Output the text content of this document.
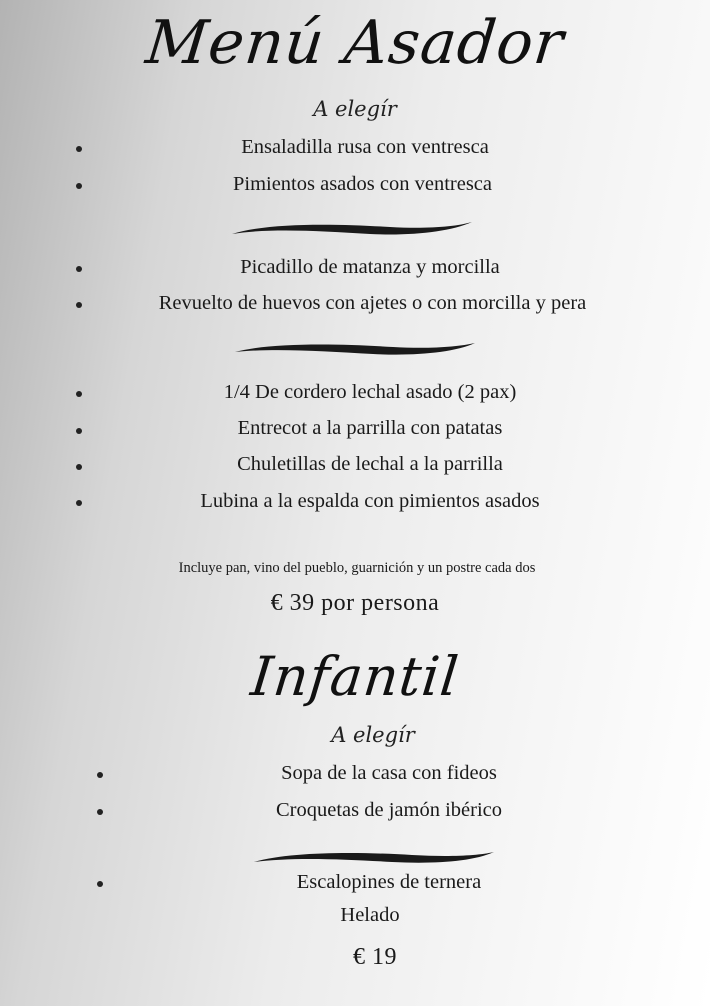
Menú Asador
A elegír
Ensaladilla rusa con ventresca
Pimientos asados con ventresca
Picadillo de matanza y morcilla
Revuelto de huevos con ajetes o con morcilla y pera
1/4 De cordero lechal asado (2 pax)
Entrecot a la parrilla con patatas
Chuletillas de lechal a la parrilla
Lubina a la espalda con pimientos asados
Incluye pan, vino del pueblo, guarnición y un postre cada dos
€ 39 por persona
Infantil
A elegír
Sopa de la casa con fideos
Croquetas de jamón ibérico
Escalopines de ternera
Helado
€ 19
